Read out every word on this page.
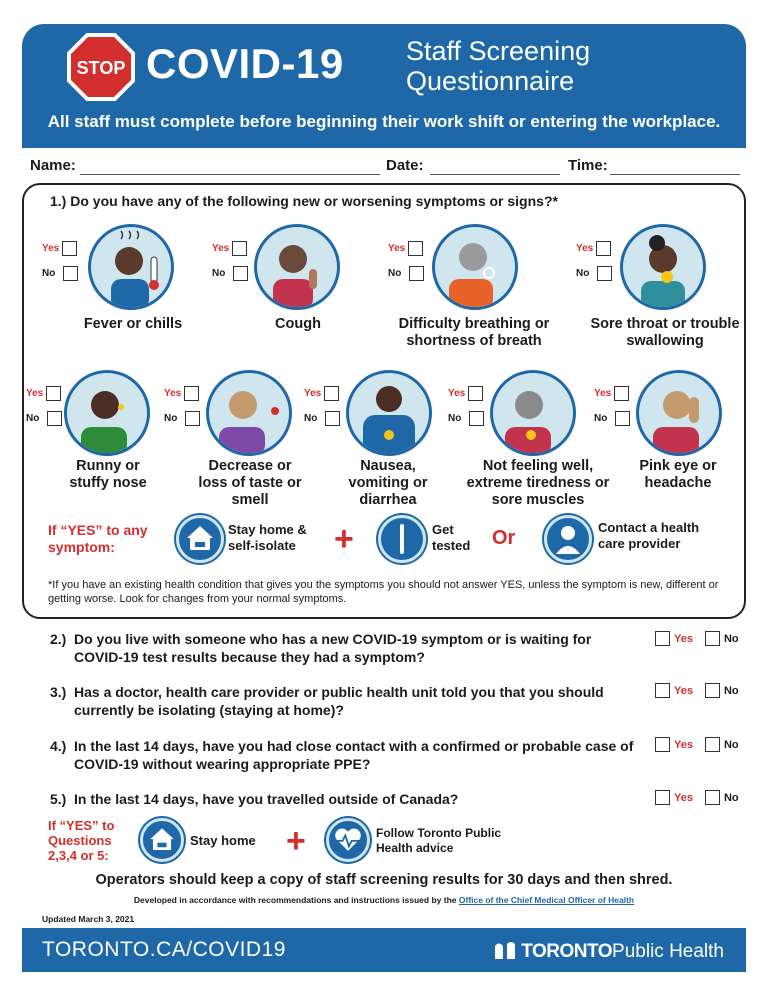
STOP COVID-19 Staff Screening Questionnaire
All staff must complete before beginning their work shift or entering the workplace.
Name:	Date:	Time:
1.) Do you have any of the following new or worsening symptoms or signs?*
Yes
No
Fever or chills
Yes
No
Cough
Yes
No
Difficulty breathing or shortness of breath
Yes
No
Sore throat or trouble swallowing
Yes
No
Runny or stuffy nose
Yes
No
Decrease or loss of taste or smell
Yes
No
Nausea, vomiting or diarrhea
Yes
No
Not feeling well, extreme tiredness or sore muscles
Yes
No
Pink eye or headache
If “YES” to any symptom:
Stay home & self-isolate	+	Get tested	Or	Contact a health care provider
*If you have an existing health condition that gives you the symptoms you should not answer YES, unless the symptom is new, different or getting worse. Look for changes from your normal symptoms.
2.) Do you live with someone who has a new COVID-19 symptom or is waiting for COVID-19 test results because they had a symptom?
Yes	No
3.) Has a doctor, health care provider or public health unit told you that you should currently be isolating (staying at home)?
Yes	No
4.) In the last 14 days, have you had close contact with a confirmed or probable case of COVID-19 without wearing appropriate PPE?
Yes	No
5.) In the last 14 days, have you travelled outside of Canada?	Yes	No
If “YES” to Questions 2,3,4 or 5:
Stay home +	Follow Toronto Public Health advice
Operators should keep a copy of staff screening results for 30 days and then shred.
Developed in accordance with recommendations and instructions issued by the Office of the Chief Medical Officer of Health
Updated March 3, 2021
TORONTO.CA/COVID19	TORONTOPublic Health
